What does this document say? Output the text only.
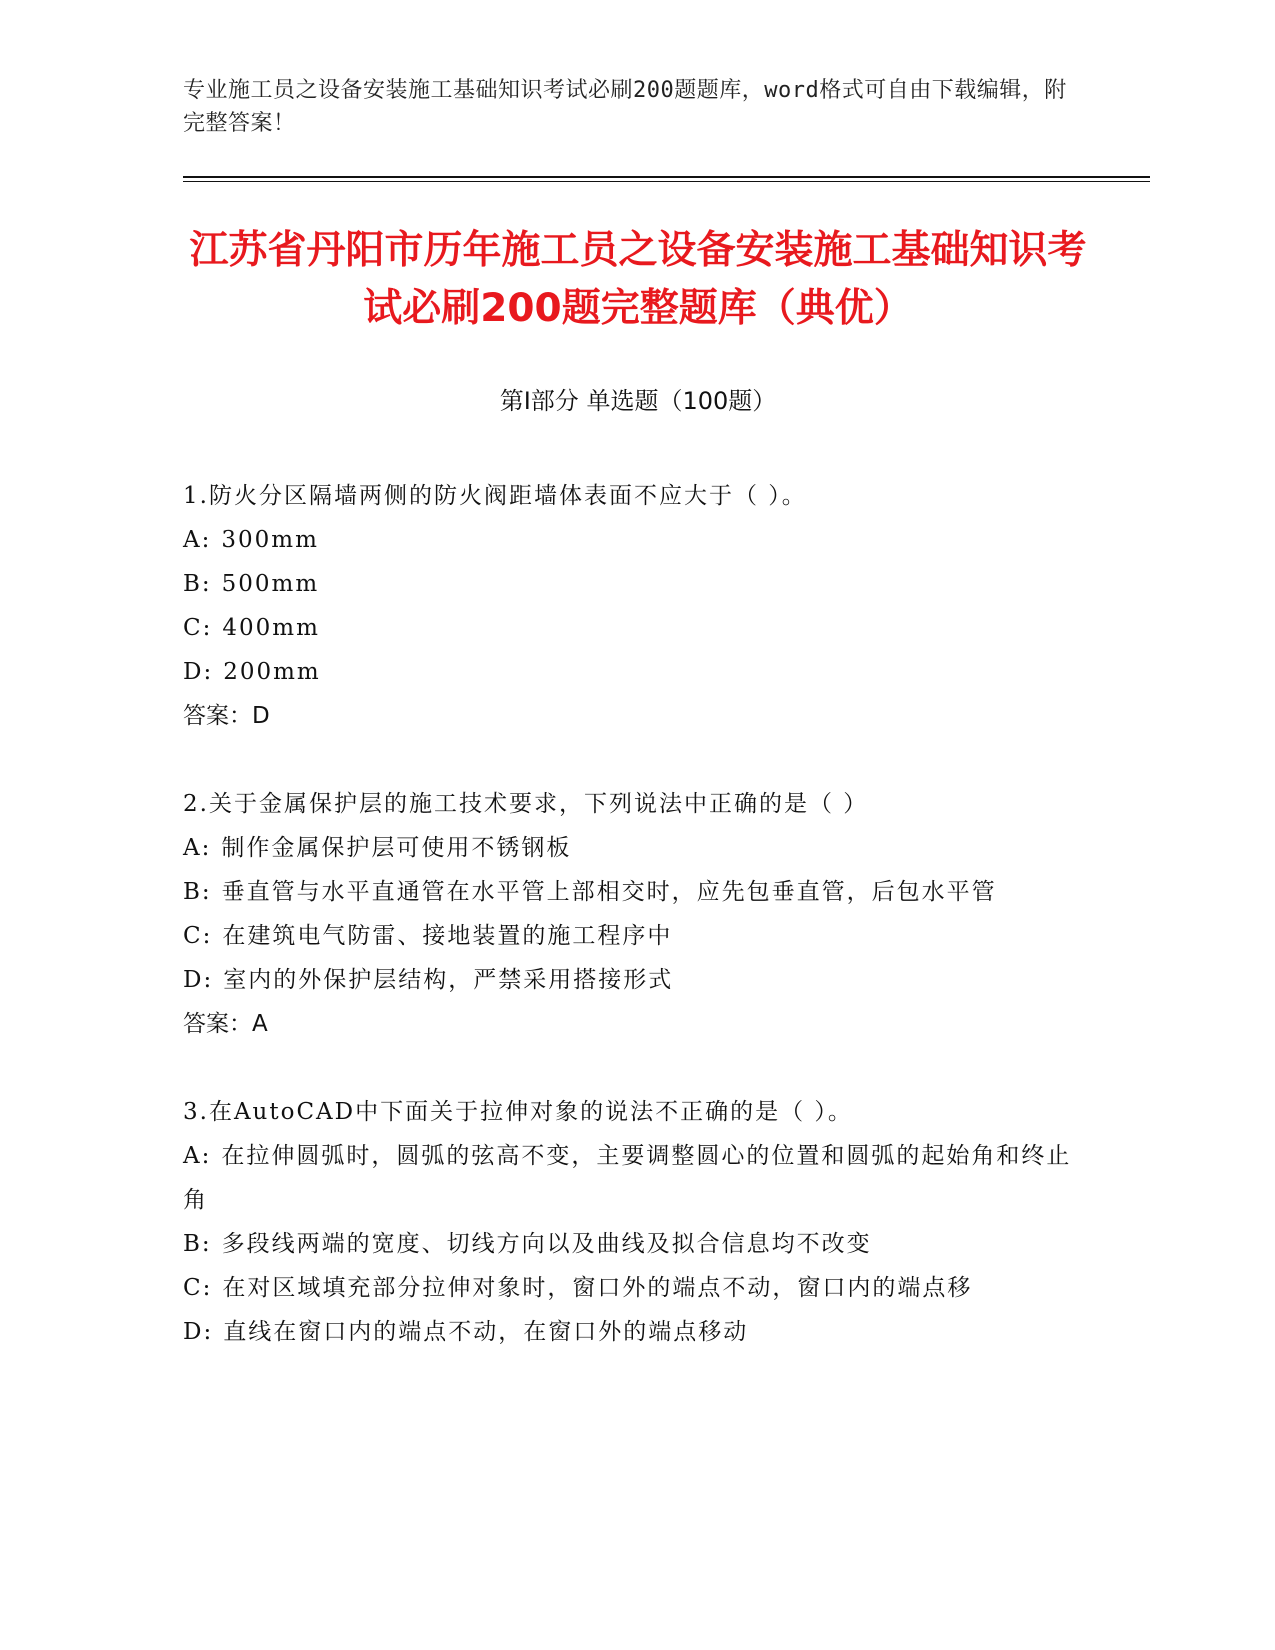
专业施工员之设备安装施工基础知识考试必刷200题题库，word格式可自由下载编辑，附完整答案！
江苏省丹阳市历年施工员之设备安装施工基础知识考试必刷200题完整题库（典优）
第I部分 单选题（100题）
1.防火分区隔墙两侧的防火阀距墙体表面不应大于（ ）。
A: 300mm
B: 500mm
C: 400mm
D: 200mm
答案：D
2.关于金属保护层的施工技术要求，下列说法中正确的是（ ）
A: 制作金属保护层可使用不锈钢板
B: 垂直管与水平直通管在水平管上部相交时，应先包垂直管，后包水平管
C: 在建筑电气防雷、接地装置的施工程序中
D: 室内的外保护层结构，严禁采用搭接形式
答案：A
3.在AutoCAD中下面关于拉伸对象的说法不正确的是（ ）。
A: 在拉伸圆弧时，圆弧的弦高不变，主要调整圆心的位置和圆弧的起始角和终止角
B: 多段线两端的宽度、切线方向以及曲线及拟合信息均不改变
C: 在对区域填充部分拉伸对象时，窗口外的端点不动，窗口内的端点移
D: 直线在窗口内的端点不动，在窗口外的端点移动
